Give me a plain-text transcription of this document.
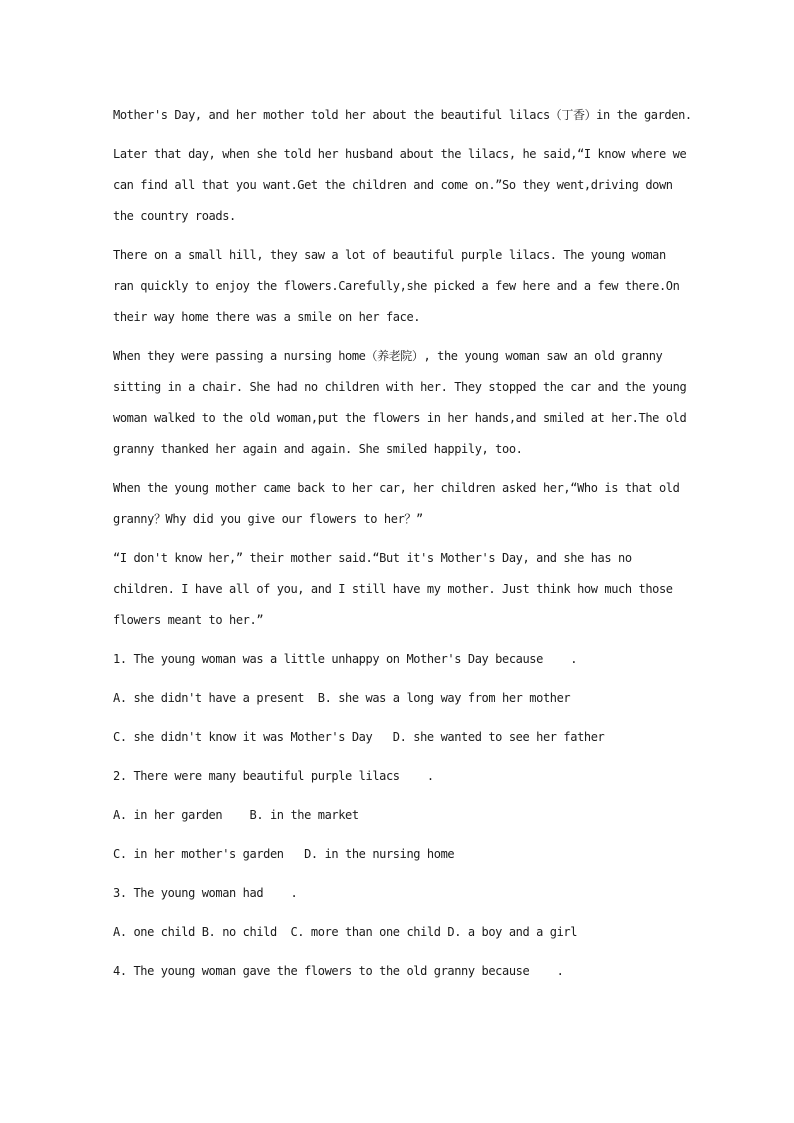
Mother's Day, and her mother told her about the beautiful lilacs（丁香）in the garden.

Later that day, when she told her husband about the lilacs, he said,“I know where we can find all that you want.Get the children and come on.”So they went,driving down the country roads.

There on a small hill, they saw a lot of beautiful purple lilacs. The young woman ran quickly to enjoy the flowers.Carefully,she picked a few here and a few there.On their way home there was a smile on her face.

When they were passing a nursing home（养老院）, the young woman saw an old granny sitting in a chair. She had no children with her. They stopped the car and the young woman walked to the old woman,put the flowers in her hands,and smiled at her.The old granny thanked her again and again. She smiled happily, too.

When the young mother came back to her car, her children asked her,“Who is that old granny？Why did you give our flowers to her？”

“I don't know her,” their mother said.“But it's Mother's Day, and she has no children. I have all of you, and I still have my mother. Just think how much those flowers meant to her.”

1. The young woman was a little unhappy on Mother's Day because    .

A. she didn't have a present  B. she was a long way from her mother

C. she didn't know it was Mother's Day   D. she wanted to see her father

2. There were many beautiful purple lilacs    .

A. in her garden    B. in the market

C. in her mother's garden   D. in the nursing home

3. The young woman had    .

A. one child B. no child  C. more than one child D. a boy and a girl

4. The young woman gave the flowers to the old granny because    .
